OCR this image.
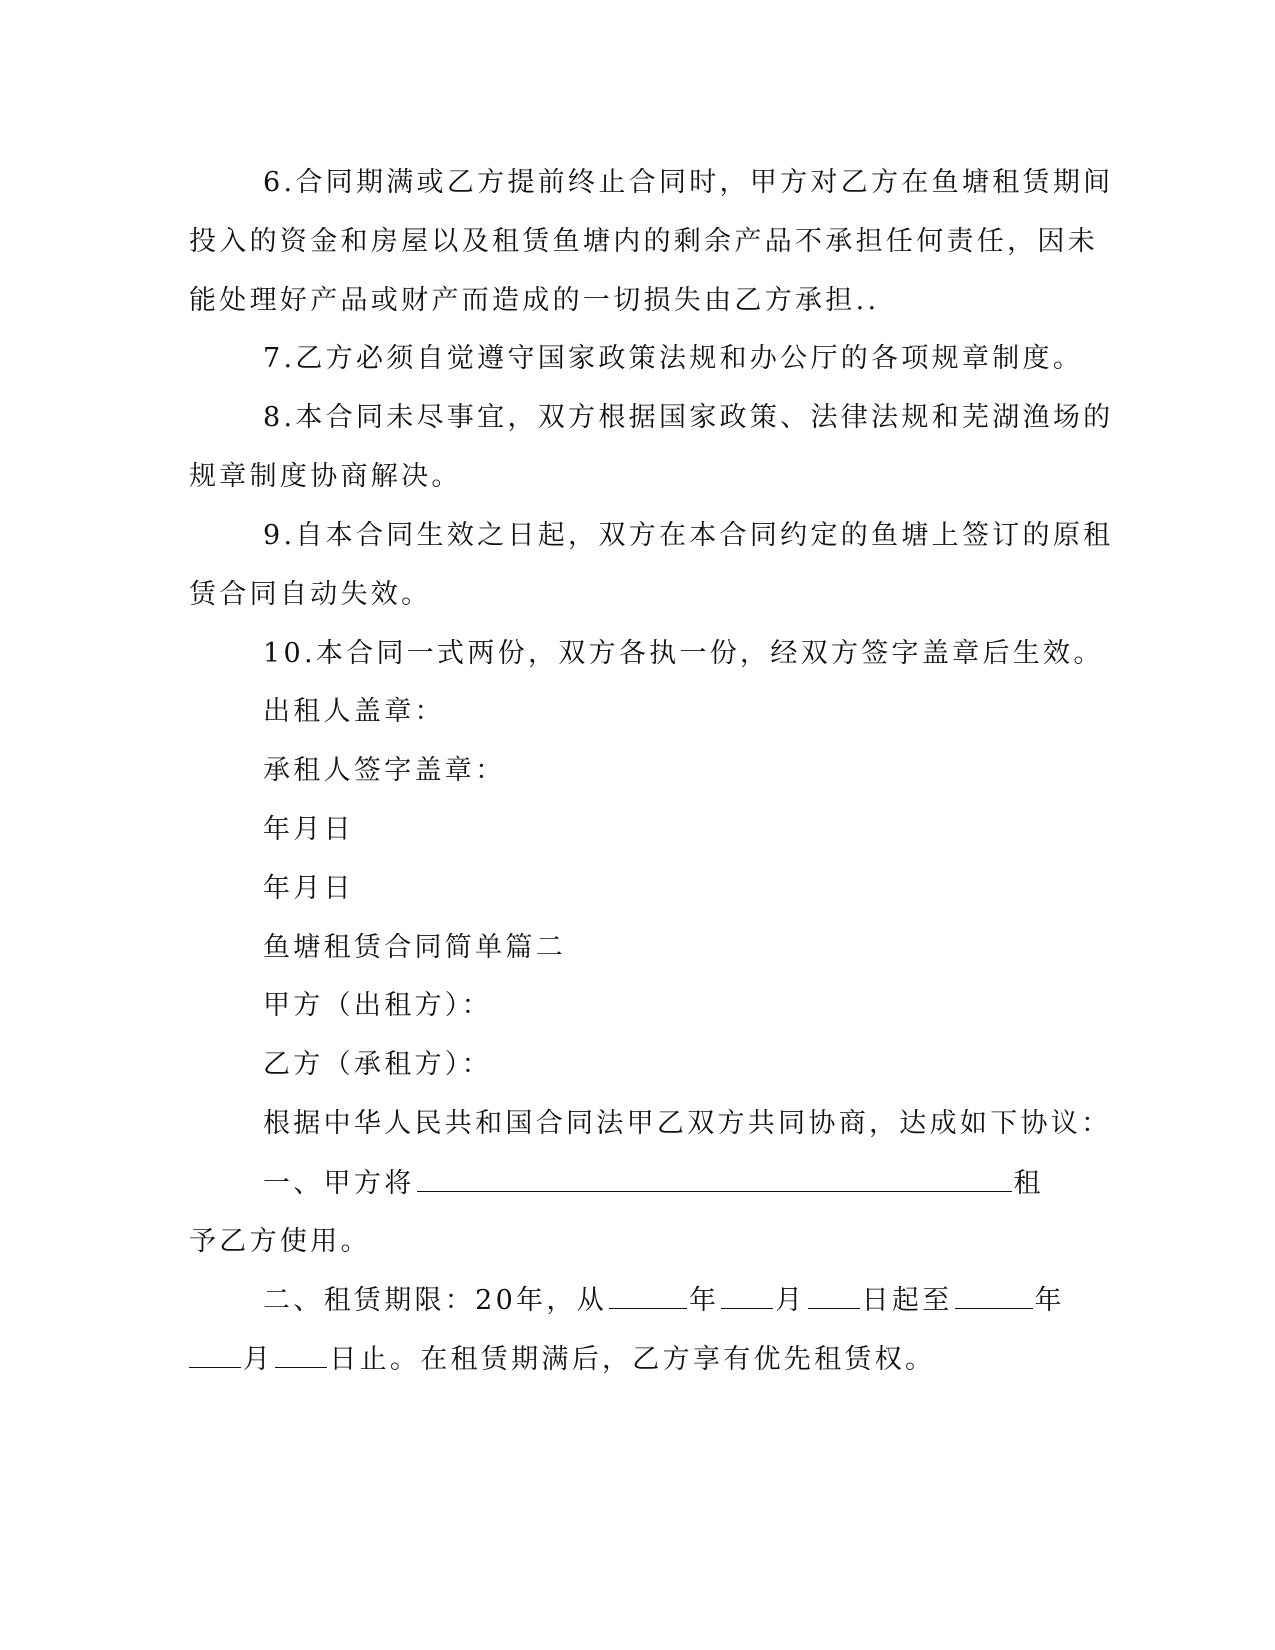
6.合同期满或乙方提前终止合同时，甲方对乙方在鱼塘租赁期间
投入的资金和房屋以及租赁鱼塘内的剩余产品不承担任何责任，因未
能处理好产品或财产而造成的一切损失由乙方承担..
7.乙方必须自觉遵守国家政策法规和办公厅的各项规章制度。
8.本合同未尽事宜，双方根据国家政策、法律法规和芜湖渔场的
规章制度协商解决。
9.自本合同生效之日起，双方在本合同约定的鱼塘上签订的原租
赁合同自动失效。
10.本合同一式两份，双方各执一份，经双方签字盖章后生效。
出租人盖章：
承租人签字盖章：
年月日
年月日
鱼塘租赁合同简单篇二
甲方（出租方）：
乙方（承租方）：
根据中华人民共和国合同法甲乙双方共同协商，达成如下协议：
一、甲方将	租
予乙方使用。
二、租赁期限：20年，从	年 月 日起至	年
月 日止。在租赁期满后，乙方享有优先租赁权。
